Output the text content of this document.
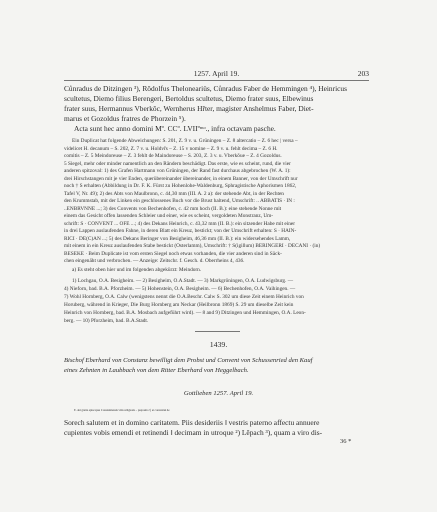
1257. April 19.	203
Cůnradus de Ditzingen ³), Rǒdolfus Theloneariüs, Cůnradus Faber de Hemmingen ⁴), Heinricus
scultetus, Diemo filius Berengeri, Bertoldus scultetus, Diemo frater suus, Elbewinus
frater suus, Hermannus Vberkǒc, Wernherus Hřter, magister Anshelmus Faber, Diet-
marus et Gozoldus fratres de Phorzein ⁵).
Acta sunt hec anno domini Mº. CCº. LVIIºᵐᵒ., infra octavam pasche.
Ein Duplicat hat folgende Abweichungen: S. 201, Z. 9 v. u. Grüningen – Z. 8 altercatio – Z. 6 hec | versa –
videlicet H. decanum – S. 202, Z. 7 v. u. Holdvřs – Z. 15 v nomine – Z. 9 v. u. fehlt decima – Z. 6 H.
comitis – Z. 5 Meindoreuse – Z. 3 fehlt de Maindoreuse – S. 203, Z. 3 v. u. Vberkǒue – Z. 4 Gozoldus.
5 Siegel, mehr oder minder namentlich an den Rändern beschädigt. Das erste, wie es scheint, rund, die vier
anderen spitzoval: 1) des Grafen Hartmann von Grüningen, der Rand fast durchaus abgebrochen (W. A. 1):
drei Hirschstangen mit je vier Enden, querübereinander übereinander, in einem Banner, von der Umschrift nur
noch † S erhalten (Abbildung in Dr. F. K. Fürst zu Hohenlohe-Waldenburg, Sphragistische Aphorismen 1862,
Tafel V, Nr. 49); 2) des Abts von Maulbronn, c. 44,30 mm (III. A. 2 a): der stehende Abt, in der Rechten
den Krummstab, mit der Linken ein geschlossenes Buch vor die Brust haltend, Umschrift: .. ABBATIS · IN :
..ENBRVNNE ...; 3) des Convents von Bechenhofen, c. 42 mm hoch (II. B.): eine stehende Nonne mit
einem das Gesicht offen lassenden Schleier und einer, wie es scheint, vergoldeten Monstranz, Um-
schrift: S · CONVENT ... OFE ...; 4) des Dekans Heinrich, c. 43,32 mm (II. B.): ein sitzender Habe mit einer
in drei Lappen auslaufenden Fahne, in deren Blatt ein Kreuz, bestickt; von der Umschrift erhalten: S · HAIN-
RICI · DE(C)AN ...; 5) des Dekans Beringer von Besigheim, 46,36 mm (II. B.): ein widersehendes Lamm,
mit einem in ein Kreuz auslaufenden Stabe bestickt (Osterlamm), Umschrift: † S(igillum) BERINGERI · DECANI · (in)
BESEKE · Beim Duplicate ist vom ersten Siegel noch etwas vorhanden, die vier anderen sind in Säck-
chen eingenäht und verbrochen. — Anzeige: Zeitschr. f. Gesch. d. Oberrheins 4, 436.
a) Es steht oben hier und im folgenden abgekürzt: Meindorn.
1) Lochgau, O.A. Besigheim. — 2) Besigheim, O.A.Stadt. — 3) Markgröningen, O.A. Ludwigsburg. —
4) Nieforn, bad. B.A. Pforzheim. — 5) Hohenstein, O.A. Besigheim. — 6) Bechenhofen, O.A. Vaihingen. —
7) Wohl Hornberg, O.A. Calw (wenigstens nennt die O.A.Beschr. Calw S. 302 um diese Zeit einem Heinrich von
Horuberg, während in Krieger, Die Burg Hornberg am Neckar (Heilbronn 1869) S. 29 um dieselbe Zeit kein
Heinrich von Hornberg, bad. B.A. Mosbach aufgeführt wird). — 8 and 9) Ditzingen und Hemmingen, O.A. Leon-
berg. — 10) Pforzheim, bad. B.A.Stadt.
1439.
Bischof Eberhard von Constanz bewilligt dem Probst und Convent von Schussenried den Kauf
eines Zehnten in Laubbach von dem Ritter Eberhard von Heggelbach.
Gottlieben 1257. April 19.
E. dei gratia episcopus Constantiensis viris religiosis .. preposito ¹) et conventui de
Sorech salutem et in domino caritatem. Piis desideriis ‖ vestris paterno affectu annuere
cupientes vobis emendi et retinendi ‖ decimam in utroque ²) Lěpach ³), quam a viro dis-
36 *
